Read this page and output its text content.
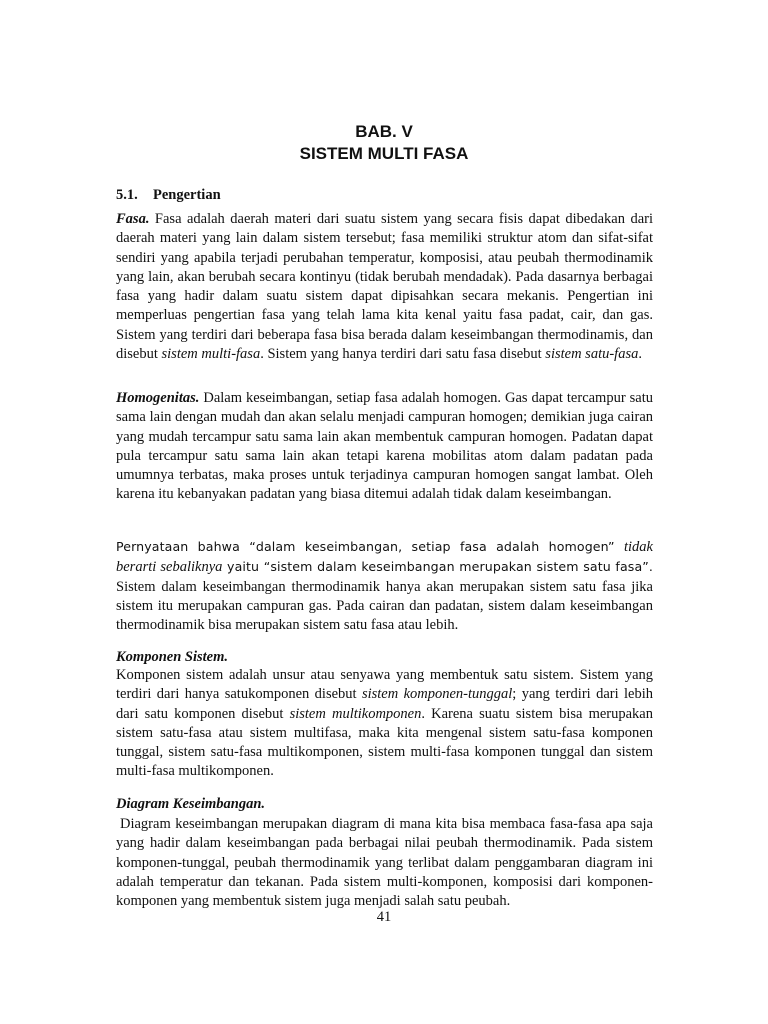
BAB. V
SISTEM MULTI FASA
5.1. Pengertian

Fasa. Fasa adalah daerah materi dari suatu sistem yang secara fisis dapat dibedakan dari daerah materi yang lain dalam sistem tersebut; fasa memiliki struktur atom dan sifat-sifat sendiri yang apabila terjadi perubahan temperatur, komposisi, atau peubah thermodinamik yang lain, akan berubah secara kontinyu (tidak berubah mendadak). Pada dasarnya berbagai fasa yang hadir dalam suatu sistem dapat dipisahkan secara mekanis. Pengertian ini memperluas pengertian fasa yang telah lama kita kenal yaitu fasa padat, cair, dan gas. Sistem yang terdiri dari beberapa fasa bisa berada dalam keseimbangan thermodinamis, dan disebut sistem multi-fasa. Sistem yang hanya terdiri dari satu fasa disebut sistem satu-fasa.

Homogenitas. Dalam keseimbangan, setiap fasa adalah homogen. Gas dapat tercampur satu sama lain dengan mudah dan akan selalu menjadi campuran homogen; demikian juga cairan yang mudah tercampur satu sama lain akan membentuk campuran homogen. Padatan dapat pula tercampur satu sama lain akan tetapi karena mobilitas atom dalam padatan pada umumnya terbatas, maka proses untuk terjadinya campuran homogen sangat lambat. Oleh karena itu kebanyakan padatan yang biasa ditemui adalah tidak dalam keseimbangan.

Pernyataan bahwa “dalam keseimbangan, setiap fasa adalah homogen” tidak berarti sebaliknya yaitu “sistem dalam keseimbangan merupakan sistem satu fasa”. Sistem dalam keseimbangan thermodinamik hanya akan merupakan sistem satu fasa jika sistem itu merupakan campuran gas. Pada cairan dan padatan, sistem dalam keseimbangan thermodinamik bisa merupakan sistem satu fasa atau lebih.

Komponen Sistem.

Komponen sistem adalah unsur atau senyawa yang membentuk satu sistem. Sistem yang terdiri dari hanya satukomponen disebut sistem komponen-tunggal; yang terdiri dari lebih dari satu komponen disebut sistem multikomponen. Karena suatu sistem bisa merupakan sistem satu-fasa atau sistem multifasa, maka kita mengenal sistem satu-fasa komponen tunggal, sistem satu-fasa multikomponen, sistem multi-fasa komponen tunggal dan sistem multi-fasa multikomponen.

Diagram Keseimbangan.

Diagram keseimbangan merupakan diagram di mana kita bisa membaca fasa-fasa apa saja yang hadir dalam keseimbangan pada berbagai nilai peubah thermodinamik. Pada sistem komponen-tunggal, peubah thermodinamik yang terlibat dalam penggambaran diagram ini adalah temperatur dan tekanan. Pada sistem multi-komponen, komposisi dari komponen-komponen yang membentuk sistem juga menjadi salah satu peubah.

41
